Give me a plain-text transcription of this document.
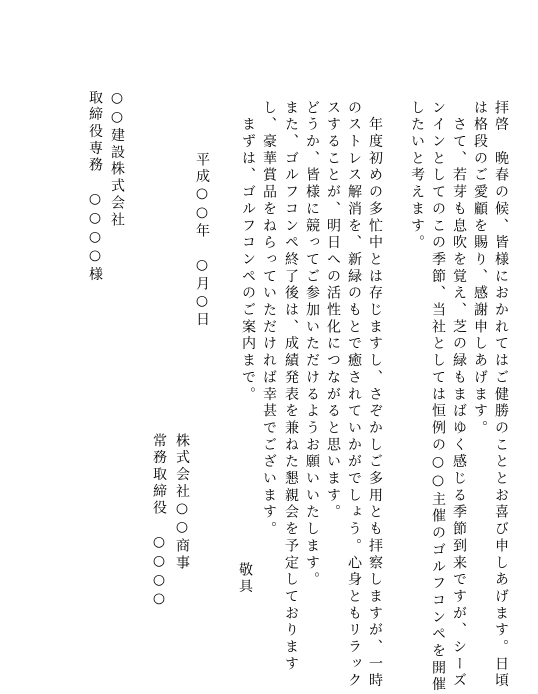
拝啓　晩春の候、皆様におかれてはご健勝のこととお喜び申しあげます。日頃
は格段のご愛顧を賜り、感謝申しあげます。
　さて、若芽も息吹を覚え、芝の緑もまばゆく感じる季節到来ですが、シーズ
ンインとしてのこの季節、当社としては恒例の○○主催のゴルフコンペを開催
したいと考えます。
　年度初めの多忙中とは存じますし、さぞかしご多用とも拝察しますが、一時
のストレス解消を、新緑のもとで癒されていかがでしょう。心身ともリラック
スすることが、明日への活性化につながると思います。
どうか、皆様に競ってご参加いただけるようお願いいたします。
また、ゴルフコンペ終了後は、成績発表を兼ねた懇親会を予定しております
し、豪華賞品をねらっていただければ幸甚でございます。
　まずは、ゴルフコンペのご案内まで。
敬具
株式会社○○商事
常務取締役　○○○○
平成○○年　○月○日
○○建設株式会社
取締役専務　○○○○様
